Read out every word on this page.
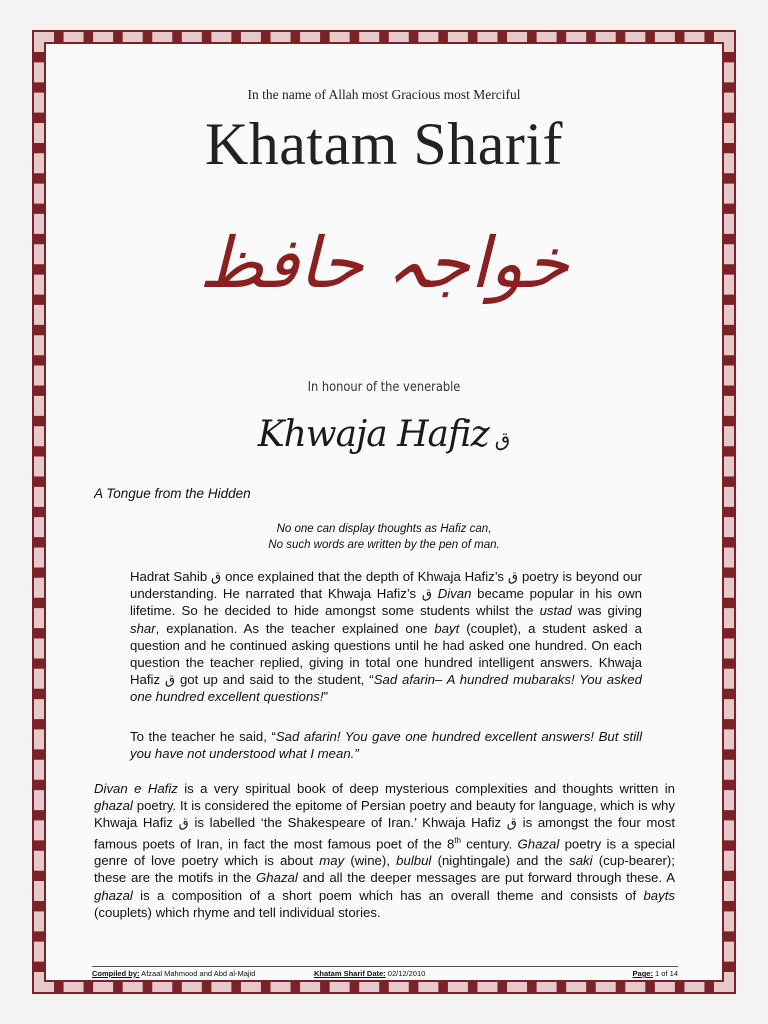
In the name of Allah most Gracious most Merciful
Khatam Sharif
خواجہ حافظ
In honour of the venerable
Khwaja Hafiz ق
A Tongue from the Hidden
No one can display thoughts as Hafiz can,
No such words are written by the pen of man.
Hadrat Sahib ق once explained that the depth of Khwaja Hafiz’s ق poetry is beyond our understanding. He narrated that Khwaja Hafiz’s ق Divan became popular in his own lifetime. So he decided to hide amongst some students whilst the ustad was giving shar, explanation. As the teacher explained one bayt (couplet), a student asked a question and he continued asking questions until he had asked one hundred. On each question the teacher replied, giving in total one hundred intelligent answers. Khwaja Hafiz ق got up and said to the student, “Sad afarin– A hundred mubaraks! You asked one hundred excellent questions!”
To the teacher he said, “Sad afarin! You gave one hundred excellent answers! But still you have not understood what I mean.”
Divan e Hafiz is a very spiritual book of deep mysterious complexities and thoughts written in ghazal poetry. It is considered the epitome of Persian poetry and beauty for language, which is why Khwaja Hafiz ق is labelled ‘the Shakespeare of Iran.’ Khwaja Hafiz ق is amongst the four most famous poets of Iran, in fact the most famous poet of the 8th century. Ghazal poetry is a special genre of love poetry which is about may (wine), bulbul (nightingale) and the saki (cup-bearer); these are the motifs in the Ghazal and all the deeper messages are put forward through these. A ghazal is a composition of a short poem which has an overall theme and consists of bayts (couplets) which rhyme and tell individual stories.
Compiled by: Afzaal Mahmood and Abd al-Majid	Khatam Sharif Date: 02/12/2010	Page: 1 of 14
